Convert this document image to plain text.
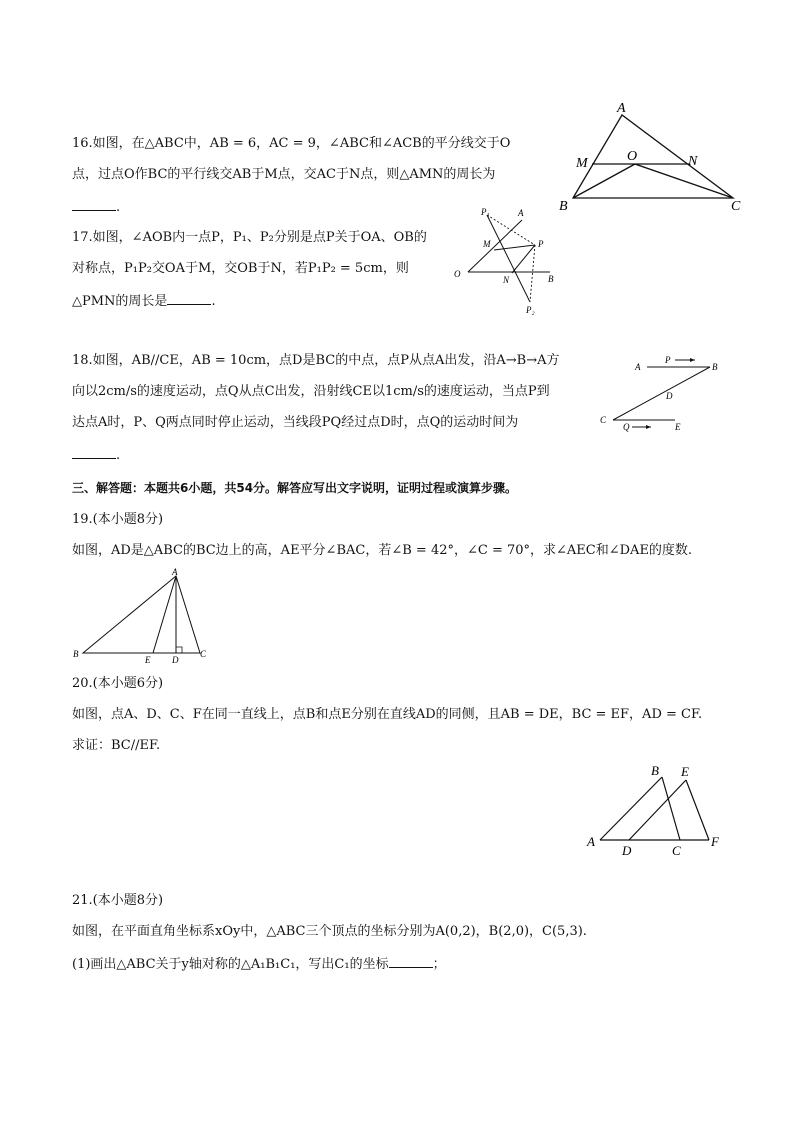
16.如图，在△ABC中，AB = 6，AC = 9，∠ABC和∠ACB的平分线交于O
点，过点O作BC的平行线交AB于M点，交AC于N点，则△AMN的周长为
.
A
M	O	N
B	C
17.如图，∠AOB内一点P，P₁、P₂分别是点P关于OA、OB的
对称点，P₁P₂交OA于M，交OB于N，若P₁P₂ = 5cm，则
△PMN的周长是	.
P₁	A
M	P
O
N	B
P₂
18.如图，AB//CE，AB = 10cm，点D是BC的中点，点P从点A出发，沿A→B→A方
向以2cm/s的速度运动，点Q从点C出发，沿射线CE以1cm/s的速度运动，当点P到
达点A时，P、Q两点同时停止运动，当线段PQ经过点D时，点Q的运动时间为
.
A
P
B
D
C
Q	E
三、解答题：本题共6小题，共54分。解答应写出文字说明，证明过程或演算步骤。
19.(本小题8分)
如图，AD是△ABC的BC边上的高，AE平分∠BAC，若∠B = 42°，∠C = 70°，求∠AEC和∠DAE的度数.
A
B
E D
C
20.(本小题6分)
如图，点A、D、C、F在同一直线上，点B和点E分别在直线AD的同侧，且AB = DE，BC = EF，AD = CF.
求证：BC//EF.
A
B E
D	C
F
21.(本小题8分)
如图，在平面直角坐标系xOy中，△ABC三个顶点的坐标分别为A(0,2)，B(2,0)，C(5,3).
(1)画出△ABC关于y轴对称的△A₁B₁C₁，写出C₁的坐标	；
